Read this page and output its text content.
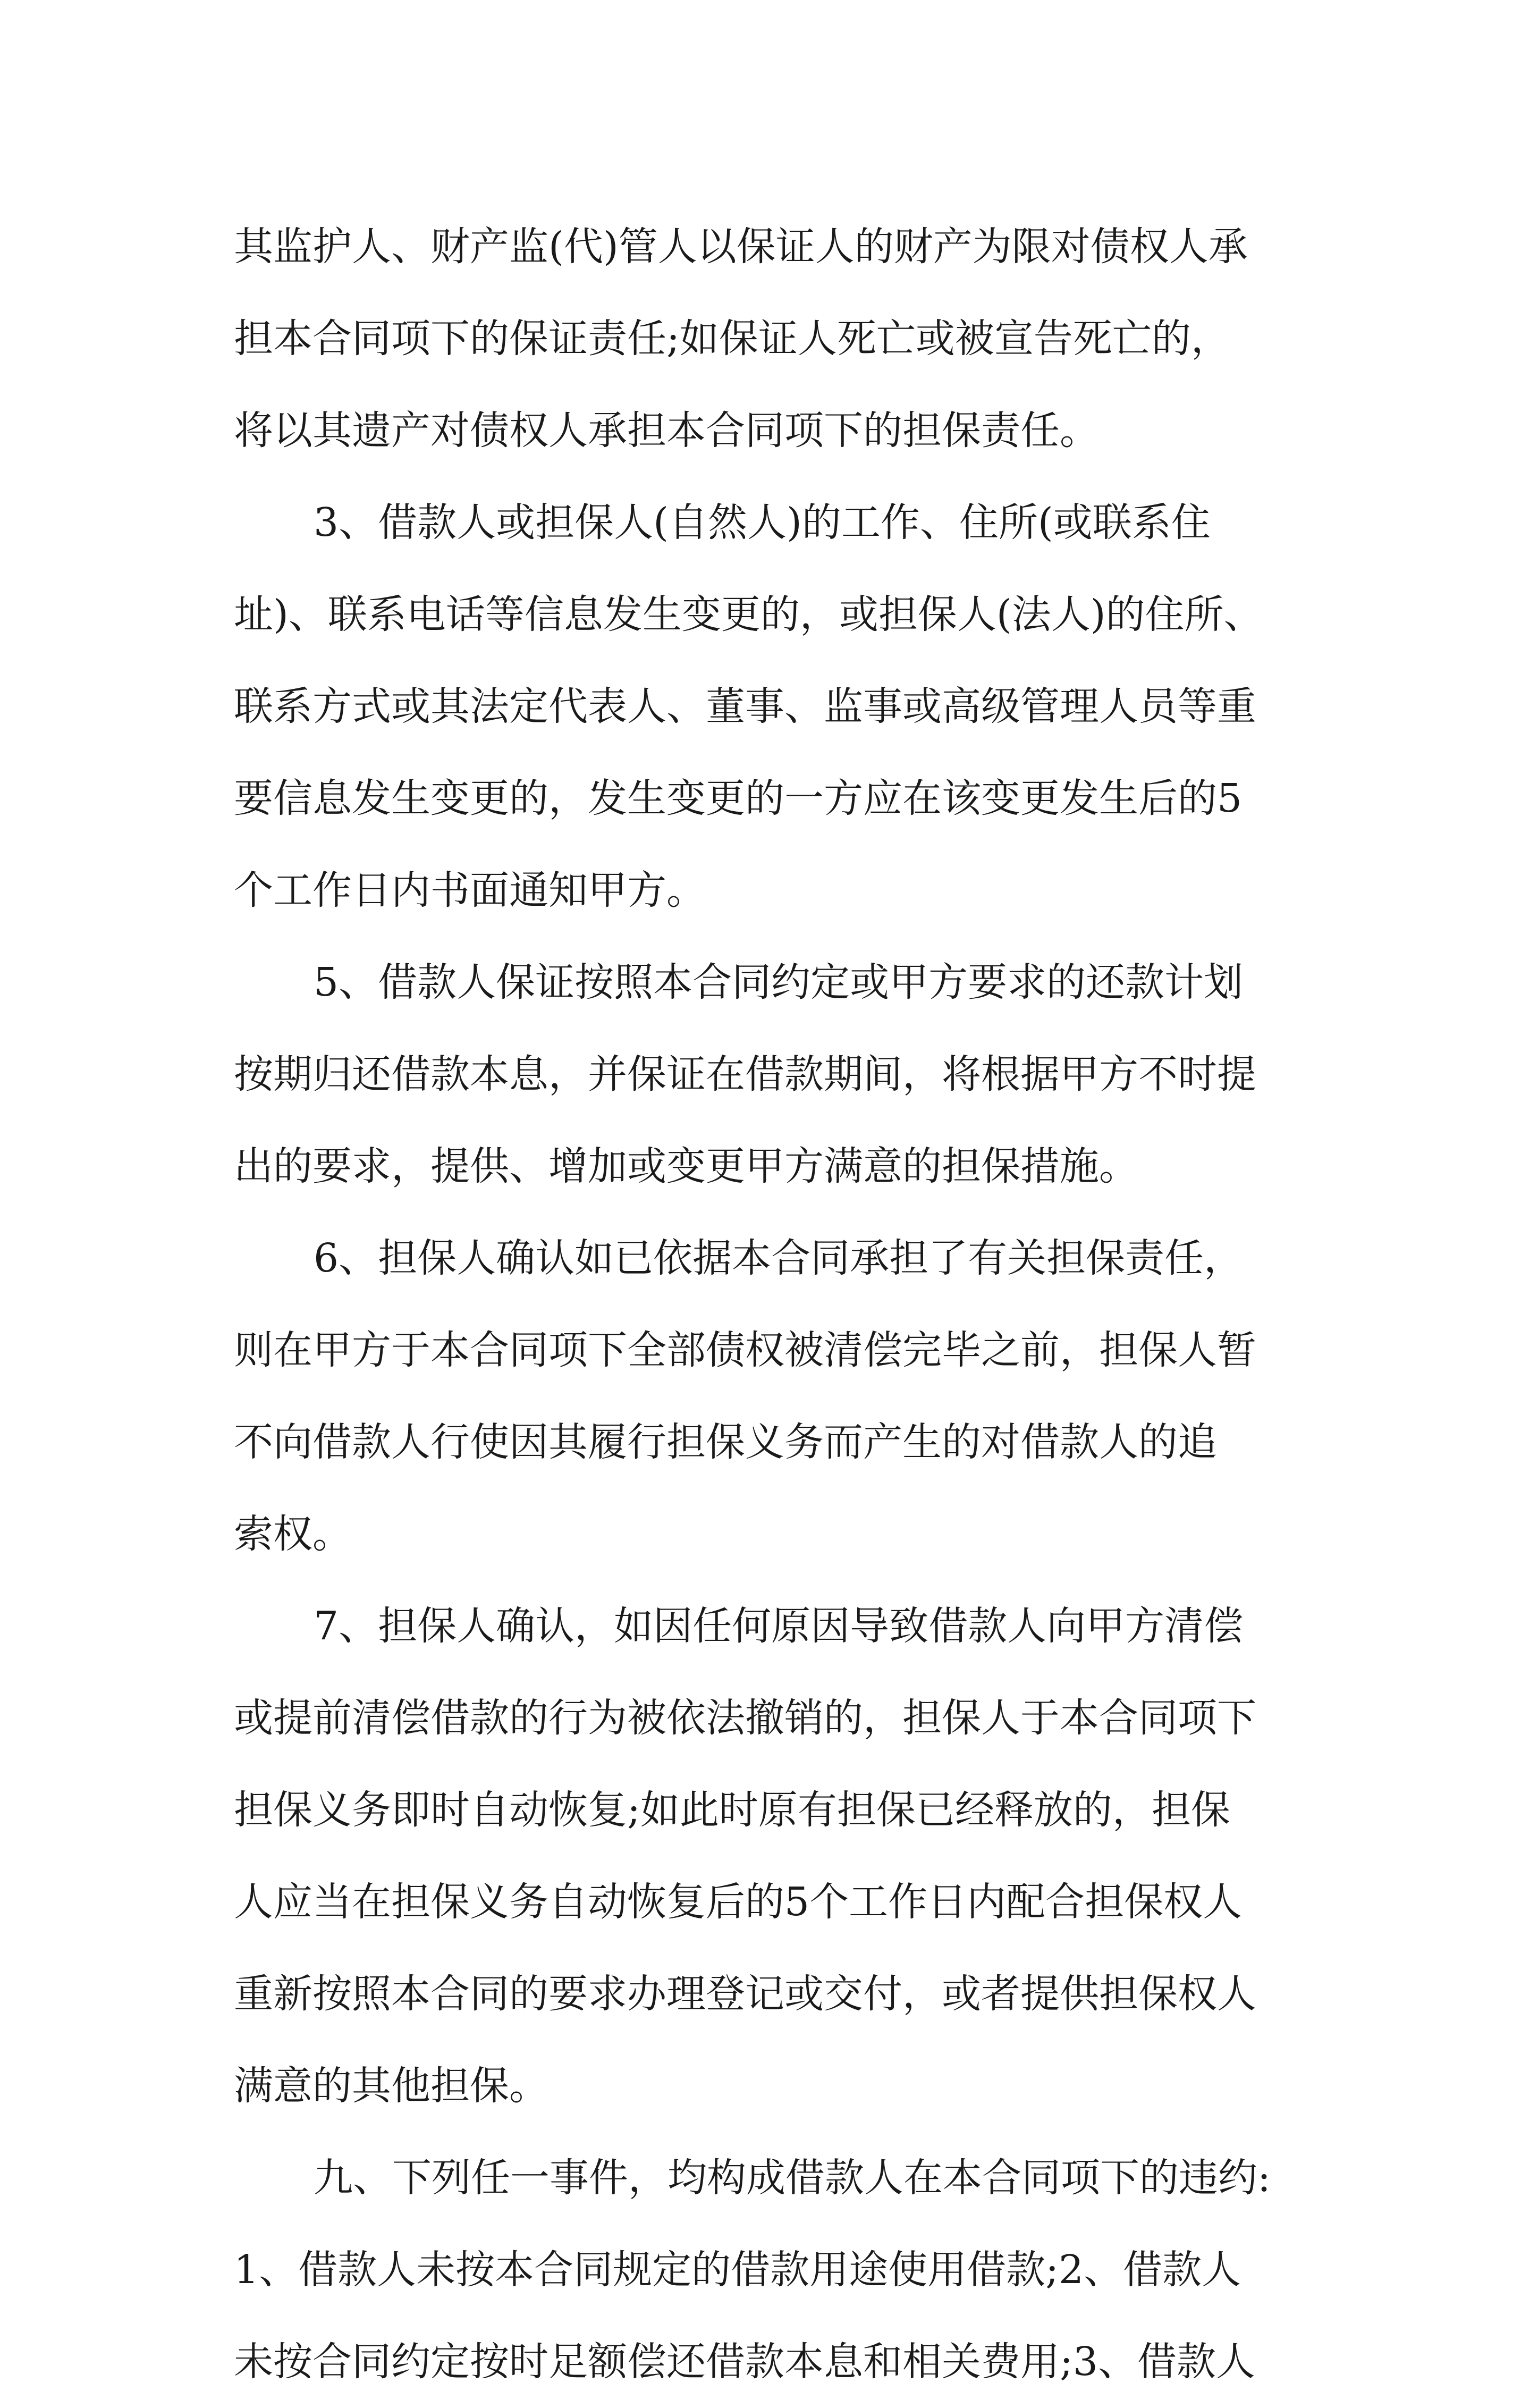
其监护人、财产监(代)管人以保证人的财产为限对债权人承
担本合同项下的保证责任;如保证人死亡或被宣告死亡的，
将以其遗产对债权人承担本合同项下的担保责任。
3、借款人或担保人(自然人)的工作、住所(或联系住
址)、联系电话等信息发生变更的，或担保人(法人)的住所、
联系方式或其法定代表人、董事、监事或高级管理人员等重
要信息发生变更的，发生变更的一方应在该变更发生后的5
个工作日内书面通知甲方。
5、借款人保证按照本合同约定或甲方要求的还款计划
按期归还借款本息，并保证在借款期间，将根据甲方不时提
出的要求，提供、增加或变更甲方满意的担保措施。
6、担保人确认如已依据本合同承担了有关担保责任，
则在甲方于本合同项下全部债权被清偿完毕之前，担保人暂
不向借款人行使因其履行担保义务而产生的对借款人的追
索权。
7、担保人确认，如因任何原因导致借款人向甲方清偿
或提前清偿借款的行为被依法撤销的，担保人于本合同项下
担保义务即时自动恢复;如此时原有担保已经释放的，担保
人应当在担保义务自动恢复后的5个工作日内配合担保权人
重新按照本合同的要求办理登记或交付，或者提供担保权人
满意的其他担保。
九、下列任一事件，均构成借款人在本合同项下的违约:
1、借款人未按本合同规定的借款用途使用借款;2、借款人
未按合同约定按时足额偿还借款本息和相关费用;3、借款人
